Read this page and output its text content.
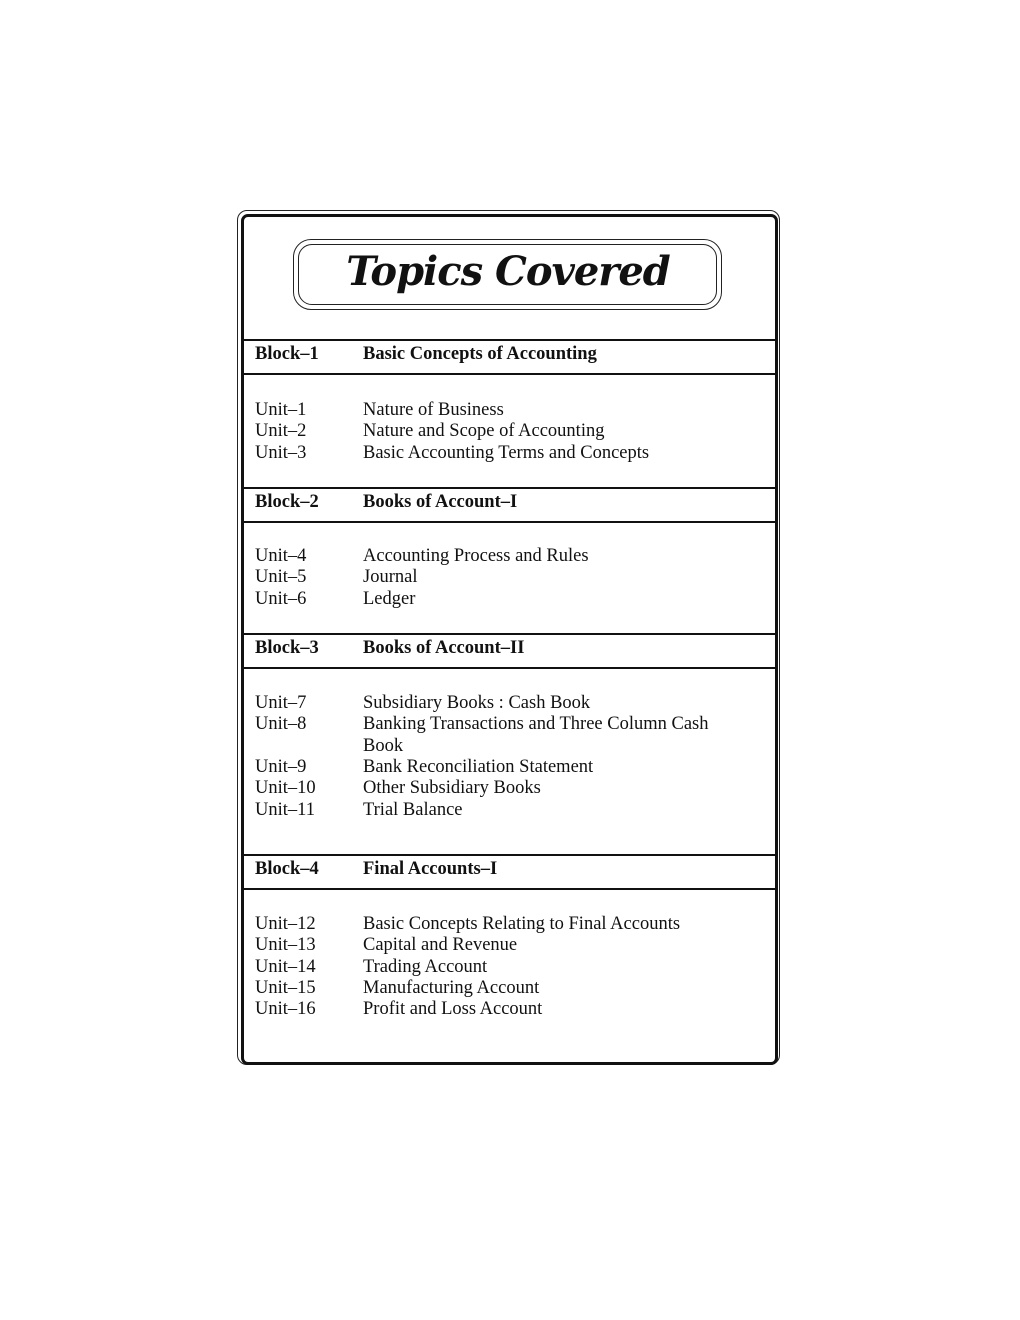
Topics Covered
Block–1 Basic Concepts of Accounting
Unit–1	Nature of Business
Unit–2	Nature and Scope of Accounting
Unit–3	Basic Accounting Terms and Concepts
Block–2 Books of Account–I
Unit–4	Accounting Process and Rules
Unit–5	Journal
Unit–6	Ledger
Block–3 Books of Account–II
Unit–7	Subsidiary Books : Cash Book
Unit–8	Banking Transactions and Three Column Cash
Book
Unit–9	Bank Reconciliation Statement
Unit–10	Other Subsidiary Books
Unit–11	Trial Balance
Block–4 Final Accounts–I
Unit–12	Basic Concepts Relating to Final Accounts
Unit–13	Capital and Revenue
Unit–14	Trading Account
Unit–15	Manufacturing Account
Unit–16	Profit and Loss Account
